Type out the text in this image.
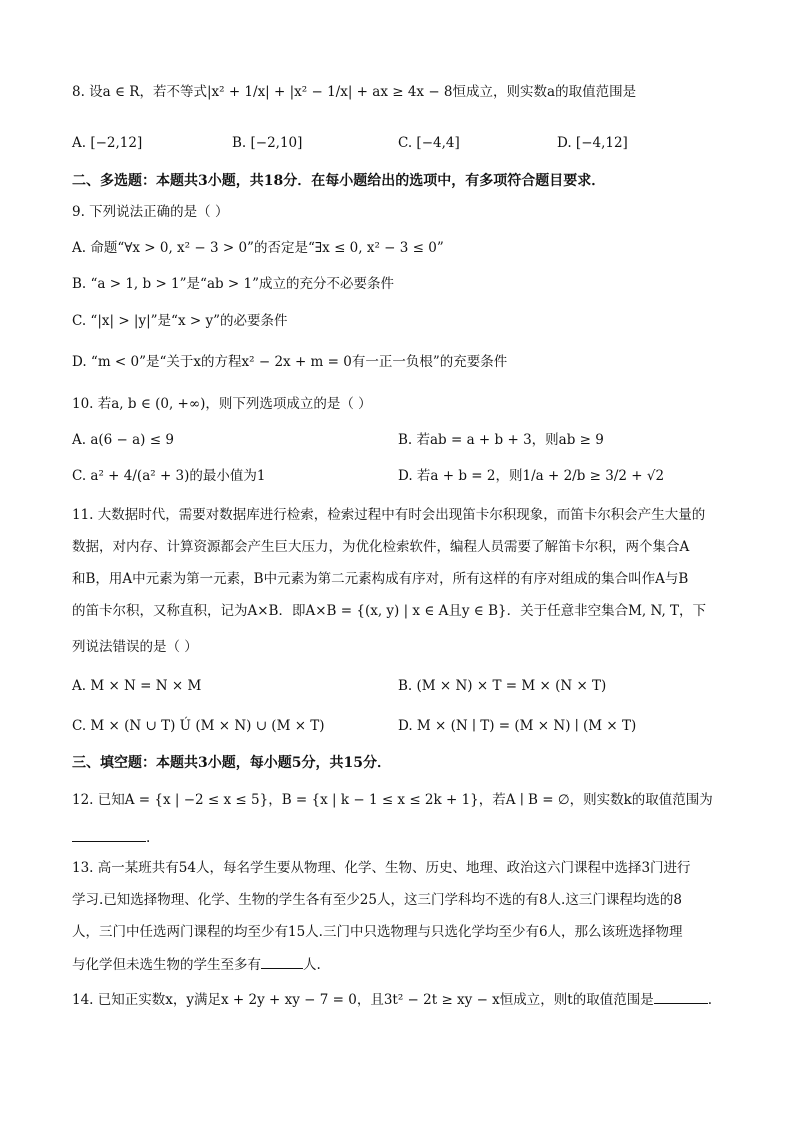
8. 设a ∈ R，若不等式|x² + 1/x| + |x² − 1/x| + ax ≥ 4x − 8恒成立，则实数a的取值范围是
A. [−2,12]	B. [−2,10]	C. [−4,4]	D. [−4,12]
二、多选题：本题共3小题，共18分．在每小题给出的选项中，有多项符合题目要求．
9. 下列说法正确的是（ ）
A. 命题“∀x > 0, x² − 3 > 0”的否定是“∃x ≤ 0, x² − 3 ≤ 0”
B. “a > 1, b > 1”是“ab > 1”成立的充分不必要条件
C. “|x| > |y|”是“x > y”的必要条件
D. “m < 0”是“关于x的方程x² − 2x + m = 0有一正一负根”的充要条件
10. 若a, b ∈ (0, +∞)，则下列选项成立的是（ ）
A. a(6 − a) ≤ 9	B. 若ab = a + b + 3，则ab ≥ 9
C. a² + 4/(a² + 3)的最小值为1	D. 若a + b = 2，则1/a + 2/b ≥ 3/2 + √2
11. 大数据时代，需要对数据库进行检索，检索过程中有时会出现笛卡尔积现象，而笛卡尔积会产生大量的
数据，对内存、计算资源都会产生巨大压力，为优化检索软件，编程人员需要了解笛卡尔积，两个集合A
和B，用A中元素为第一元素，B中元素为第二元素构成有序对，所有这样的有序对组成的集合叫作A与B
的笛卡尔积，又称直积，记为A×B．即A×B = {(x, y) | x ∈ A且y ∈ B}．关于任意非空集合M, N, T，下
列说法错误的是（ ）
A. M × N = N × M	B. (M × N) × T = M × (N × T)
C. M × (N ∪ T) Ú (M × N) ∪ (M × T)	D. M × (N ∣ T) = (M × N) ∣ (M × T)
三、填空题：本题共3小题，每小题5分，共15分．
12. 已知A = {x | −2 ≤ x ≤ 5}，B = {x | k − 1 ≤ x ≤ 2k + 1}，若A ∣ B = ∅，则实数k的取值范围为
.
13. 高一某班共有54人，每名学生要从物理、化学、生物、历史、地理、政治这六门课程中选择3门进行
学习.已知选择物理、化学、生物的学生各有至少25人，这三门学科均不选的有8人.这三门课程均选的8
人，三门中任选两门课程的均至少有15人.三门中只选物理与只选化学均至少有6人，那么该班选择物理
与化学但未选生物的学生至多有	人.
14. 已知正实数x，y满足x + 2y + xy − 7 = 0，且3t² − 2t ≥ xy − x恒成立，则t的取值范围是	.
